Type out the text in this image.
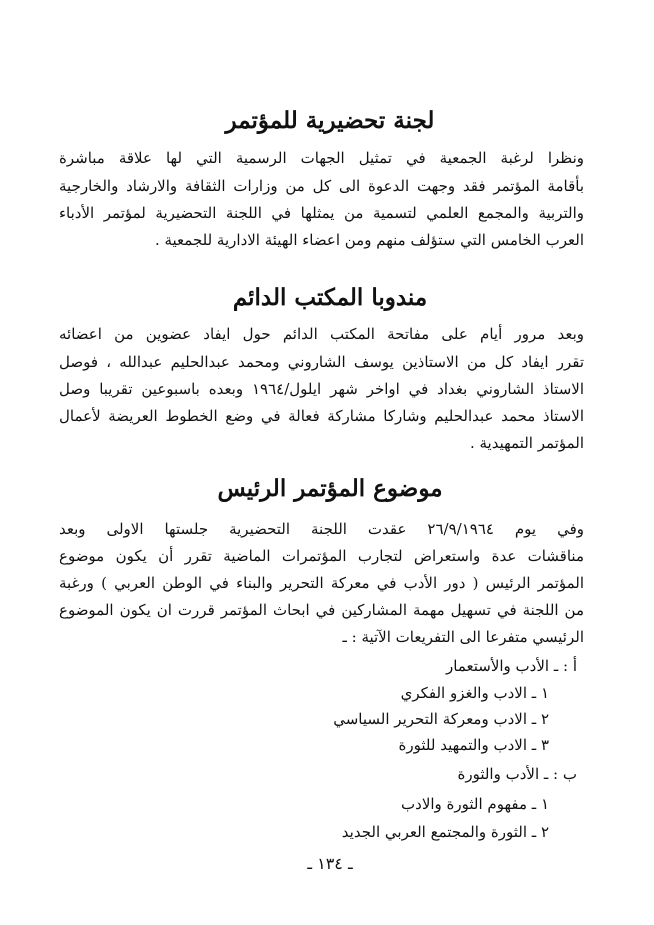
لجنة تحضيرية للمؤتمر
ونظرا لرغبة الجمعية في تمثيل الجهات الرسمية التي لها علاقة مباشرة
بأقامة المؤتمر فقد وجهت الدعوة الى كل من وزارات الثقافة والارشاد والخارجية
والتربية والمجمع العلمي لتسمية من يمثلها في اللجنة التحضيرية لمؤتمر الأدباء
العرب الخامس التي ستؤلف منهم ومن اعضاء الهيئة الادارية للجمعية .
مندوبا المكتب الدائم
وبعد مرور أيام على مفاتحة المكتب الدائم حول ايفاد عضوين من اعضائه
تقرر ايفاد كل من الاستاذين يوسف الشاروني ومحمد عبدالحليم عبدالله ، فوصل
الاستاذ الشاروني بغداد في اواخر شهر ايلول/١٩٦٤ وبعده باسبوعين تقريبا وصل
الاستاذ محمد عبدالحليم وشاركا مشاركة فعالة في وضع الخطوط العريضة لأعمال
المؤتمر التمهيدية .
موضوع المؤتمر الرئيس
وفي يوم ٢٦/٩/١٩٦٤ عقدت اللجنة التحضيرية جلستها الاولى وبعد
مناقشات عدة واستعراض لتجارب المؤتمرات الماضية تقرر أن يكون موضوع
المؤتمر الرئيس ( دور الأدب في معركة التحرير والبناء في الوطن العربي ) ورغبة
من اللجنة في تسهيل مهمة المشاركين في ابحاث المؤتمر قررت ان يكون الموضوع
الرئيسي متفرعا الى التفريعات الآتية : ـ
أ : ـ الأدب والأستعمار
١ ـ الادب والغزو الفكري
٢ ـ الادب ومعركة التحرير السياسي
٣ ـ الادب والتمهيد للثورة
ب : ـ الأدب والثورة
١ ـ مفهوم الثورة والادب
٢ ـ الثورة والمجتمع العربي الجديد
ـ ١٣٤ ـ
